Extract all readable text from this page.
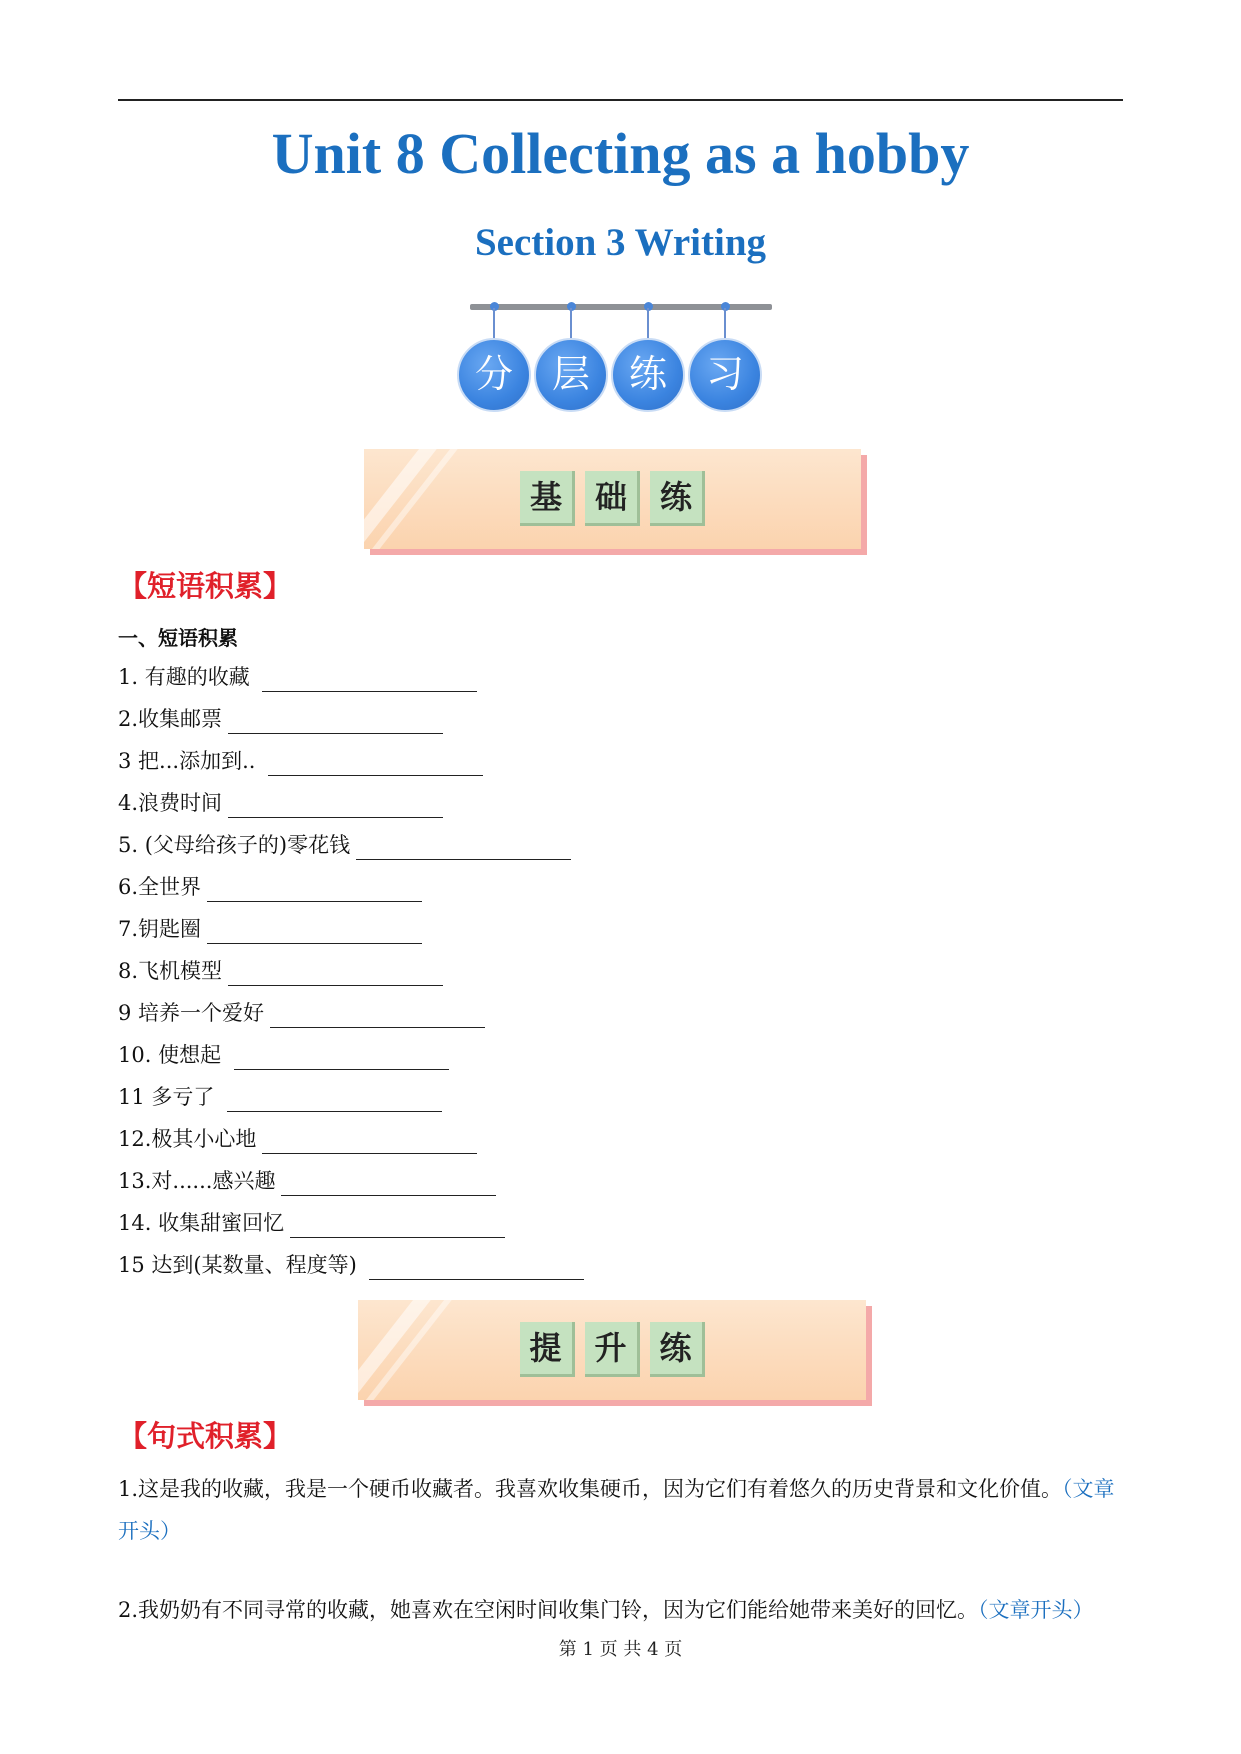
Unit 8 Collecting as a hobby
Section 3 Writing
分	层	练	习
基 础 练
【短语积累】
一、短语积累
1. 有趣的收藏
2.收集邮票
3 把...添加到..
4.浪费时间
5. (父母给孩子的)零花钱
6.全世界
7.钥匙圈
8.飞机模型
9 培养一个爱好
10. 使想起
11 多亏了
12.极其小心地
13.对......感兴趣
14. 收集甜蜜回忆
15 达到(某数量、程度等)
提 升 练
【句式积累】
1.这是我的收藏，我是一个硬币收藏者。我喜欢收集硬币，因为它们有着悠久的历史背景和文化价值。（文章开头）
2.我奶奶有不同寻常的收藏，她喜欢在空闲时间收集门铃，因为它们能给她带来美好的回忆。（文章开头）
第 1 页 共 4 页
